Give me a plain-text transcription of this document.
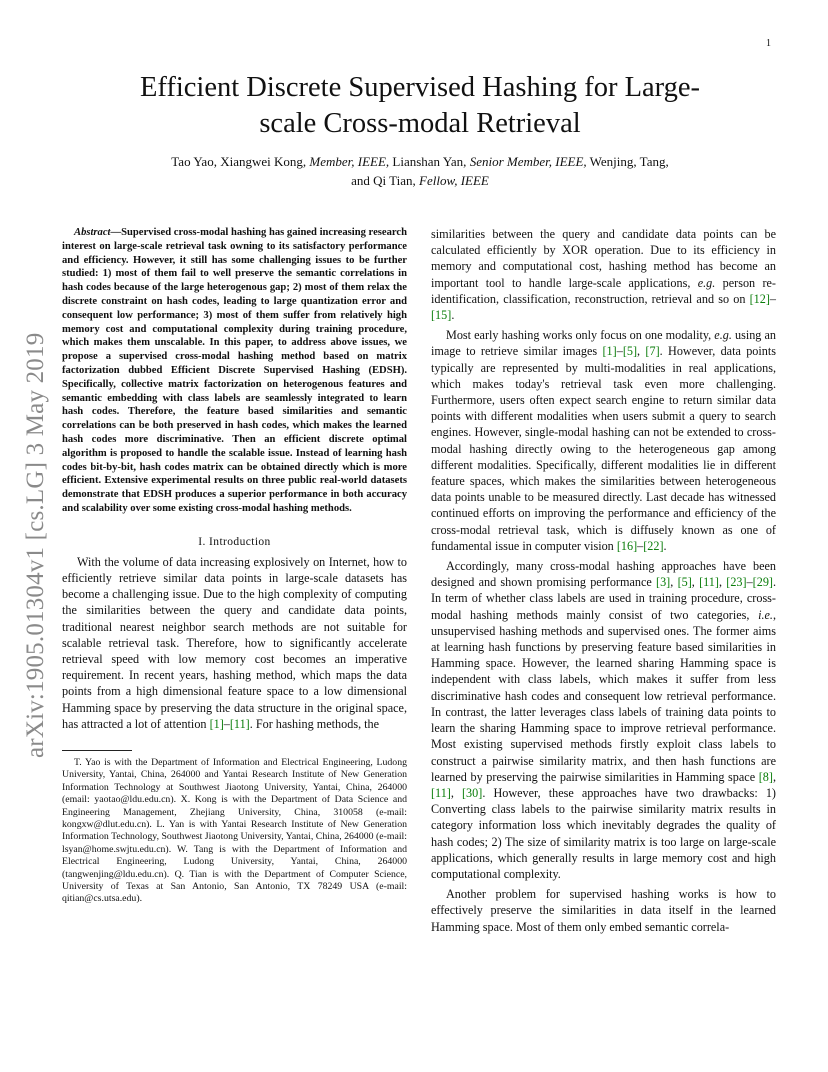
1
arXiv:1905.01304v1 [cs.LG] 3 May 2019
Efficient Discrete Supervised Hashing for Large-scale Cross-modal Retrieval

Tao Yao, Xiangwei Kong, Member, IEEE, Lianshan Yan, Senior Member, IEEE, Wenjing, Tang,
and Qi Tian, Fellow, IEEE

Abstract—Supervised cross-modal hashing has gained increasing research interest on large-scale retrieval task owning to its satisfactory performance and efficiency. However, it still has some challenging issues to be further studied: 1) most of them fail to well preserve the semantic correlations in hash codes because of the large heterogenous gap; 2) most of them relax the discrete constraint on hash codes, leading to large quantization error and consequent low performance; 3) most of them suffer from relatively high memory cost and computational complexity during training procedure, which makes them unscalable. In this paper, to address above issues, we propose a supervised cross-modal hashing method based on matrix factorization dubbed Efficient Discrete Supervised Hashing (EDSH). Specifically, collective matrix factorization on heterogenous features and semantic embedding with class labels are seamlessly integrated to learn hash codes. Therefore, the feature based similarities and semantic correlations can be both preserved in hash codes, which makes the learned hash codes more discriminative. Then an efficient discrete optimal algorithm is proposed to handle the scalable issue. Instead of learning hash codes bit-by-bit, hash codes matrix can be obtained directly which is more efficient. Extensive experimental results on three public real-world datasets demonstrate that EDSH produces a superior performance in both accuracy and scalability over some existing cross-modal hashing methods.

I. Introduction

With the volume of data increasing explosively on Internet, how to efficiently retrieve similar data points in large-scale datasets has become a challenging issue. Due to the high complexity of computing the similarities between the query and candidate data points, traditional nearest neighbor search methods are not suitable for scalable retrieval task. Therefore, how to significantly accelerate retrieval speed with low memory cost becomes an imperative requirement. In recent years, hashing method, which maps the data points from a high dimensional feature space to a low dimensional Hamming space by preserving the data structure in the original space, has attracted a lot of attention [1]–[11]. For hashing methods, the

T. Yao is with the Department of Information and Electrical Engineering, Ludong University, Yantai, China, 264000 and Yantai Research Institute of New Generation Information Technology at Southwest Jiaotong University, Yantai, China, 264000 (email: yaotao@ldu.edu.cn). X. Kong is with the Department of Data Science and Engineering Management, Zhejiang University, China, 310058 (e-mail: kongxw@dlut.edu.cn). L. Yan is with Yantai Research Institute of New Generation Information Technology, Southwest Jiaotong University, Yantai, China, 264000 (e-mail: lsyan@home.swjtu.edu.cn). W. Tang is with the Department of Information and Electrical Engineering, Ludong University, Yantai, China, 264000 (tangwenjing@ldu.edu.cn). Q. Tian is with the Department of Computer Science, University of Texas at San Antonio, San Antonio, TX 78249 USA (e-mail: qitian@cs.utsa.edu).

similarities between the query and candidate data points can be calculated efficiently by XOR operation. Due to its efficiency in memory and computational cost, hashing method has become an important tool to handle large-scale applications, e.g. person re-identification, classification, reconstruction, retrieval and so on [12]–[15].

Most early hashing works only focus on one modality, e.g. using an image to retrieve similar images [1]–[5], [7]. However, data points typically are represented by multi-modalities in real applications, which makes today's retrieval task even more challenging. Furthermore, users often expect search engine to return similar data points with different modalities when users submit a query to search engines. However, single-modal hashing can not be extended to cross-modal hashing directly owing to the heterogeneous gap among different modalities. Specifically, different modalities lie in different feature spaces, which makes the similarities between heterogeneous data points unable to be measured directly. Last decade has witnessed continued efforts on improving the performance and efficiency of the cross-modal retrieval task, which is diffusely known as one of fundamental issue in computer vision [16]–[22].

Accordingly, many cross-modal hashing approaches have been designed and shown promising performance [3], [5], [11], [23]–[29]. In term of whether class labels are used in training procedure, cross-modal hashing methods mainly consist of two categories, i.e., unsupervised hashing methods and supervised ones. The former aims at learning hash functions by preserving feature based similarities in Hamming space. However, the learned sharing Hamming space is independent with class labels, which makes it suffer from less discriminative hash codes and consequent low retrieval performance. In contrast, the latter leverages class labels of training data points to learn the sharing Hamming space to improve retrieval performance. Most existing supervised methods firstly exploit class labels to construct a pairwise similarity matrix, and then hash functions are learned by preserving the pairwise similarities in Hamming space [8], [11], [30]. However, these approaches have two drawbacks: 1) Converting class labels to the pairwise similarity matrix results in category information loss which inevitably degrades the quality of hash codes; 2) The size of similarity matrix is too large on large-scale applications, which generally results in large memory cost and high computational complexity.

Another problem for supervised hashing works is how to effectively preserve the similarities in data itself in the learned Hamming space. Most of them only embed semantic correla-
